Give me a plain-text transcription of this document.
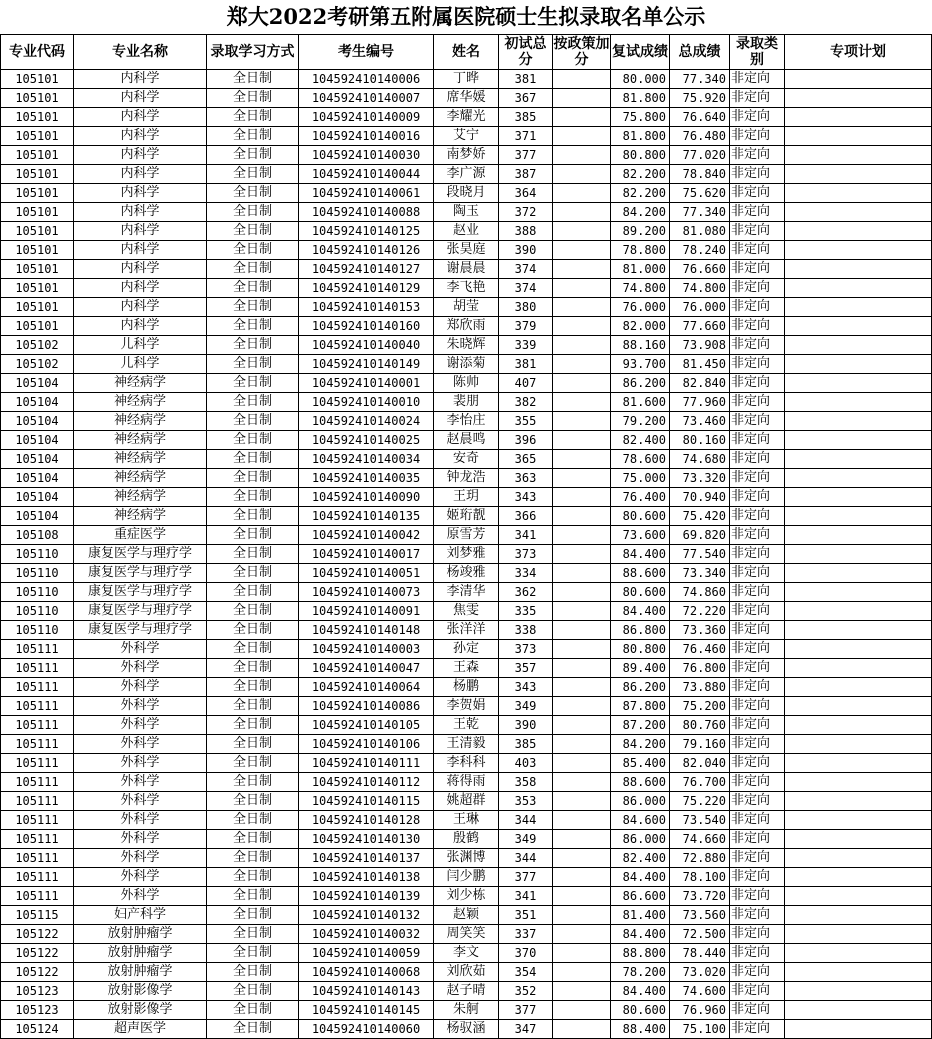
郑大2022考研第五附属医院硕士生拟录取名单公示
专业代码	专业名称	录取学习方式	考生编号	姓名	初试总分	按政策加分	复试成绩	总成绩	录取类别	专项计划
105101	内科学	全日制	104592410140006	丁晔	381		80.000	77.340	非定向	
105101	内科学	全日制	104592410140007	席华媛	367		81.800	75.920	非定向	
105101	内科学	全日制	104592410140009	李耀光	385		75.800	76.640	非定向	
105101	内科学	全日制	104592410140016	艾宁	371		81.800	76.480	非定向	
105101	内科学	全日制	104592410140030	南梦娇	377		80.800	77.020	非定向	
105101	内科学	全日制	104592410140044	李广源	387		82.200	78.840	非定向	
105101	内科学	全日制	104592410140061	段晓月	364		82.200	75.620	非定向	
105101	内科学	全日制	104592410140088	陶玉	372		84.200	77.340	非定向	
105101	内科学	全日制	104592410140125	赵业	388		89.200	81.080	非定向	
105101	内科学	全日制	104592410140126	张昊庭	390		78.800	78.240	非定向	
105101	内科学	全日制	104592410140127	谢晨晨	374		81.000	76.660	非定向	
105101	内科学	全日制	104592410140129	李飞艳	374		74.800	74.800	非定向	
105101	内科学	全日制	104592410140153	胡莹	380		76.000	76.000	非定向	
105101	内科学	全日制	104592410140160	郑欣雨	379		82.000	77.660	非定向	
105102	儿科学	全日制	104592410140040	朱晓辉	339		88.160	73.908	非定向	
105102	儿科学	全日制	104592410140149	谢添菊	381		93.700	81.450	非定向	
105104	神经病学	全日制	104592410140001	陈帅	407		86.200	82.840	非定向	
105104	神经病学	全日制	104592410140010	裴朋	382		81.600	77.960	非定向	
105104	神经病学	全日制	104592410140024	李怡庄	355		79.200	73.460	非定向	
105104	神经病学	全日制	104592410140025	赵晨鸣	396		82.400	80.160	非定向	
105104	神经病学	全日制	104592410140034	安奇	365		78.600	74.680	非定向	
105104	神经病学	全日制	104592410140035	钟龙浩	363		75.000	73.320	非定向	
105104	神经病学	全日制	104592410140090	王玥	343		76.400	70.940	非定向	
105104	神经病学	全日制	104592410140135	姬珩靓	366		80.600	75.420	非定向	
105108	重症医学	全日制	104592410140042	原雪芳	341		73.600	69.820	非定向	
105110	康复医学与理疗学	全日制	104592410140017	刘梦雅	373		84.400	77.540	非定向	
105110	康复医学与理疗学	全日制	104592410140051	杨竣雅	334		88.600	73.340	非定向	
105110	康复医学与理疗学	全日制	104592410140073	李清华	362		80.600	74.860	非定向	
105110	康复医学与理疗学	全日制	104592410140091	焦雯	335		84.400	72.220	非定向	
105110	康复医学与理疗学	全日制	104592410140148	张洋洋	338		86.800	73.360	非定向	
105111	外科学	全日制	104592410140003	孙定	373		80.800	76.460	非定向	
105111	外科学	全日制	104592410140047	王森	357		89.400	76.800	非定向	
105111	外科学	全日制	104592410140064	杨鹏	343		86.200	73.880	非定向	
105111	外科学	全日制	104592410140086	李贺娟	349		87.800	75.200	非定向	
105111	外科学	全日制	104592410140105	王乾	390		87.200	80.760	非定向	
105111	外科学	全日制	104592410140106	王清毅	385		84.200	79.160	非定向	
105111	外科学	全日制	104592410140111	李科科	403		85.400	82.040	非定向	
105111	外科学	全日制	104592410140112	蒋得雨	358		88.600	76.700	非定向	
105111	外科学	全日制	104592410140115	姚超群	353		86.000	75.220	非定向	
105111	外科学	全日制	104592410140128	王琳	344		84.600	73.540	非定向	
105111	外科学	全日制	104592410140130	殷鹤	349		86.000	74.660	非定向	
105111	外科学	全日制	104592410140137	张渊博	344		82.400	72.880	非定向	
105111	外科学	全日制	104592410140138	闫少鹏	377		84.400	78.100	非定向	
105111	外科学	全日制	104592410140139	刘少栋	341		86.600	73.720	非定向	
105115	妇产科学	全日制	104592410140132	赵颖	351		81.400	73.560	非定向	
105122	放射肿瘤学	全日制	104592410140032	周笑笑	337		84.400	72.500	非定向	
105122	放射肿瘤学	全日制	104592410140059	李文	370		88.800	78.440	非定向	
105122	放射肿瘤学	全日制	104592410140068	刘欣茹	354		78.200	73.020	非定向	
105123	放射影像学	全日制	104592410140143	赵子晴	352		84.400	74.600	非定向	
105123	放射影像学	全日制	104592410140145	朱舸	377		80.600	76.960	非定向	
105124	超声医学	全日制	104592410140060	杨驭涵	347		88.400	75.100	非定向	
